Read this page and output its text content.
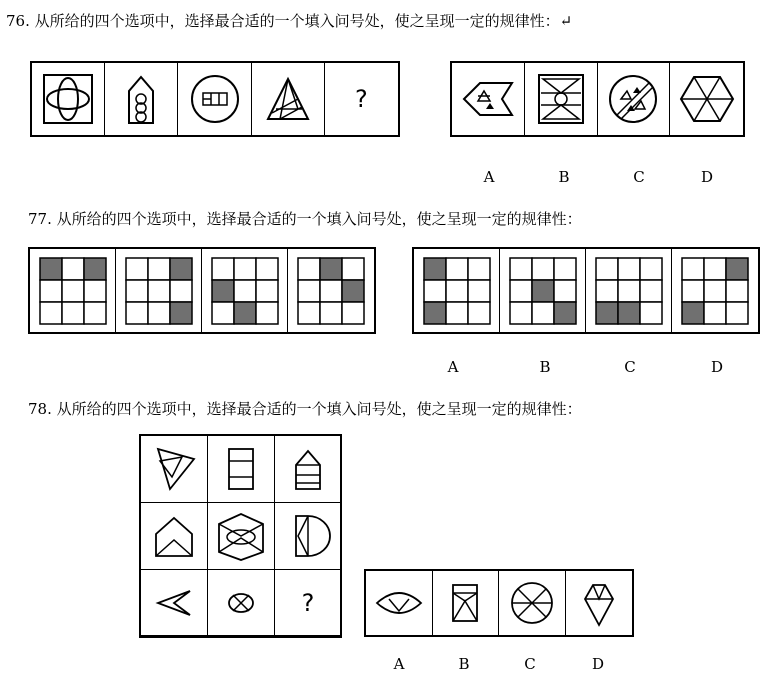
76. 从所给的四个选项中，选择最合适的一个填入问号处，使之呈现一定的规律性：↵
?
A	B	C	D
77. 从所给的四个选项中，选择最合适的一个填入问号处，使之呈现一定的规律性：
A	B	C	D
78. 从所给的四个选项中，选择最合适的一个填入问号处，使之呈现一定的规律性：
?
A	B	C	D
